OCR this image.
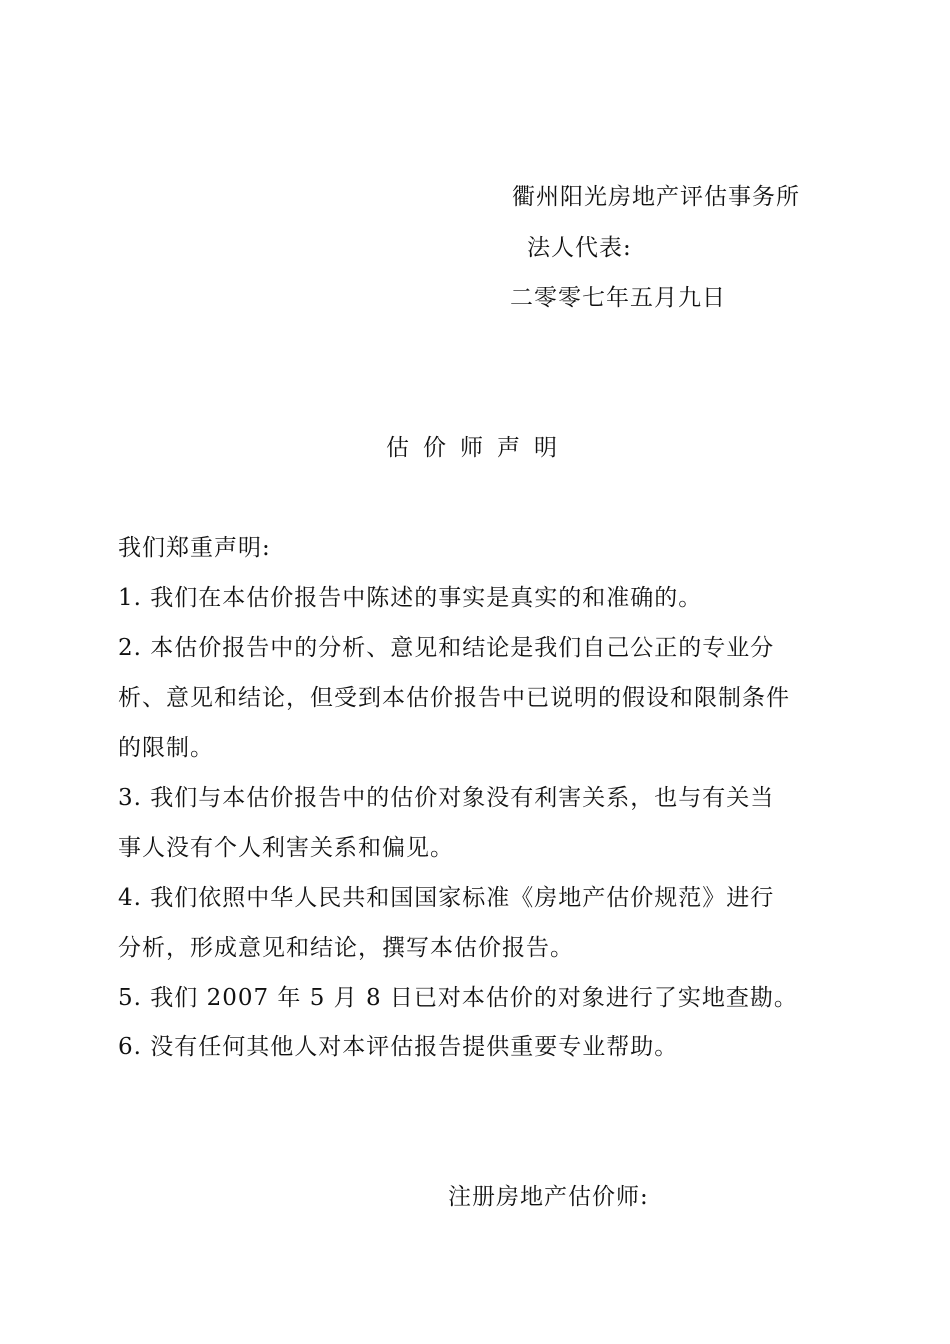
衢州阳光房地产评估事务所
法人代表:
二零零七年五月九日
估价师声明
我们郑重声明:
1. 我们在本估价报告中陈述的事实是真实的和准确的。
2. 本估价报告中的分析、意见和结论是我们自己公正的专业分
析、意见和结论，但受到本估价报告中已说明的假设和限制条件
的限制。
3. 我们与本估价报告中的估价对象没有利害关系，也与有关当
事人没有个人利害关系和偏见。
4. 我们依照中华人民共和国国家标准《房地产估价规范》进行
分析，形成意见和结论，撰写本估价报告。
5. 我们 2007 年 5 月 8 日已对本估价的对象进行了实地查勘。
6. 没有任何其他人对本评估报告提供重要专业帮助。
注册房地产估价师:
